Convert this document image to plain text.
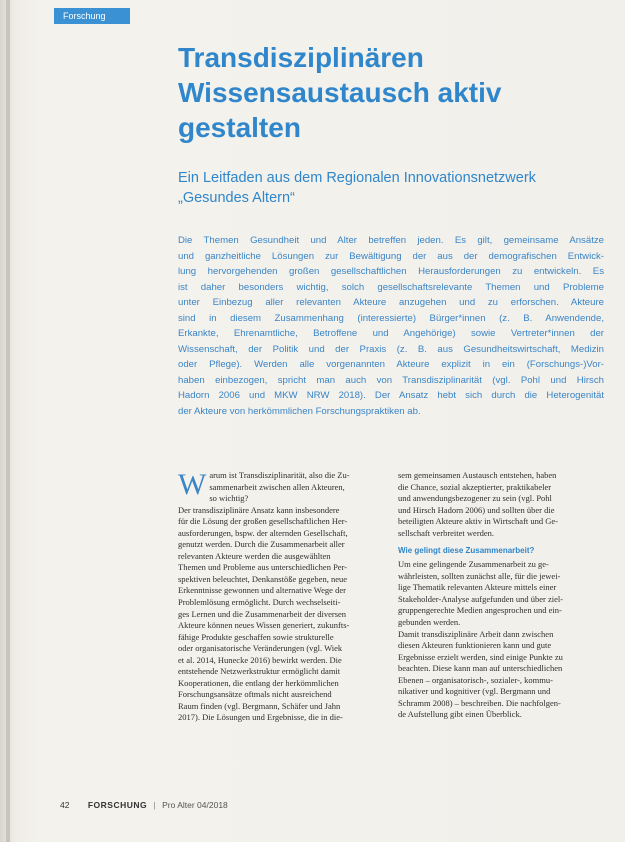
Forschung
Transdisziplinären
Wissensaustausch aktiv
gestalten
Ein Leitfaden aus dem Regionalen Innovationsnetzwerk
„Gesundes Altern“
Die Themen Gesundheit und Alter betreffen jeden. Es gilt, gemeinsame Ansätze
und ganzheitliche Lösungen zur Bewältigung der aus der demografischen Entwick-
lung hervorgehenden großen gesellschaftlichen Herausforderungen zu entwickeln. Es
ist daher besonders wichtig, solch gesellschaftsrelevante Themen und Probleme
unter Einbezug aller relevanten Akteure anzugehen und zu erforschen. Akteure
sind in diesem Zusammenhang (interessierte) Bürger*innen (z. B. Anwendende,
Erkankte, Ehrenamtliche, Betroffene und Angehörige) sowie Vertreter*innen der
Wissenschaft, der Politik und der Praxis (z. B. aus Gesundheitswirtschaft, Medizin
oder Pflege). Werden alle vorgenannten Akteure explizit in ein (Forschungs-)Vor-
haben einbezogen, spricht man auch von Transdisziplinarität (vgl. Pohl und Hirsch
Hadorn 2006 und MKW NRW 2018). Der Ansatz hebt sich durch die Heterogenität
der Akteure von herkömmlichen Forschungspraktiken ab.
W arum ist Transdisziplinarität, also die Zu-
sammenarbeit zwischen allen Akteuren,
so wichtig?
Der transdisziplinäre Ansatz kann insbesondere
für die Lösung der großen gesellschaftlichen Her-
ausforderungen, bspw. der alternden Gesellschaft,
genutzt werden. Durch die Zusammenarbeit aller
relevanten Akteure werden die ausgewählten
Themen und Probleme aus unterschiedlichen Per-
spektiven beleuchtet, Denkanstöße gegeben, neue
Erkenntnisse gewonnen und alternative Wege der
Problemlösung ermöglicht. Durch wechselseiti-
ges Lernen und die Zusammenarbeit der diversen
Akteure können neues Wissen generiert, zukunfts-
fähige Produkte geschaffen sowie strukturelle
oder organisatorische Veränderungen (vgl. Wiek
et al. 2014, Hunecke 2016) bewirkt werden. Die
entstehende Netzwerkstruktur ermöglicht damit
Kooperationen, die entlang der herkömmlichen
Forschungsansätze oftmals nicht ausreichend
Raum finden (vgl. Bergmann, Schäfer und Jahn
2017). Die Lösungen und Ergebnisse, die in die-
sem gemeinsamen Austausch entstehen, haben
die Chance, sozial akzeptierter, praktikabeler
und anwendungsbezogener zu sein (vgl. Pohl
und Hirsch Hadorn 2006) und sollten über die
beteiligten Akteure aktiv in Wirtschaft und Ge-
sellschaft verbreitet werden.
Wie gelingt diese Zusammenarbeit?
Um eine gelingende Zusammenarbeit zu ge-
währleisten, sollten zunächst alle, für die jewei-
lige Thematik relevanten Akteure mittels einer
Stakeholder-Analyse aufgefunden und über ziel-
gruppengerechte Medien angesprochen und ein-
gebunden werden.
Damit transdisziplinäre Arbeit dann zwischen
diesen Akteuren funktionieren kann und gute
Ergebnisse erzielt werden, sind einige Punkte zu
beachten. Diese kann man auf unterschiedlichen
Ebenen – organisatorisch-, sozialer-, kommu-
nikativer und kognitiver (vgl. Bergmann und
Schramm 2008) – beschreiben. Die nachfolgen-
de Aufstellung gibt einen Überblick.
42 FORSCHUNG | Pro Alter 04/2018
